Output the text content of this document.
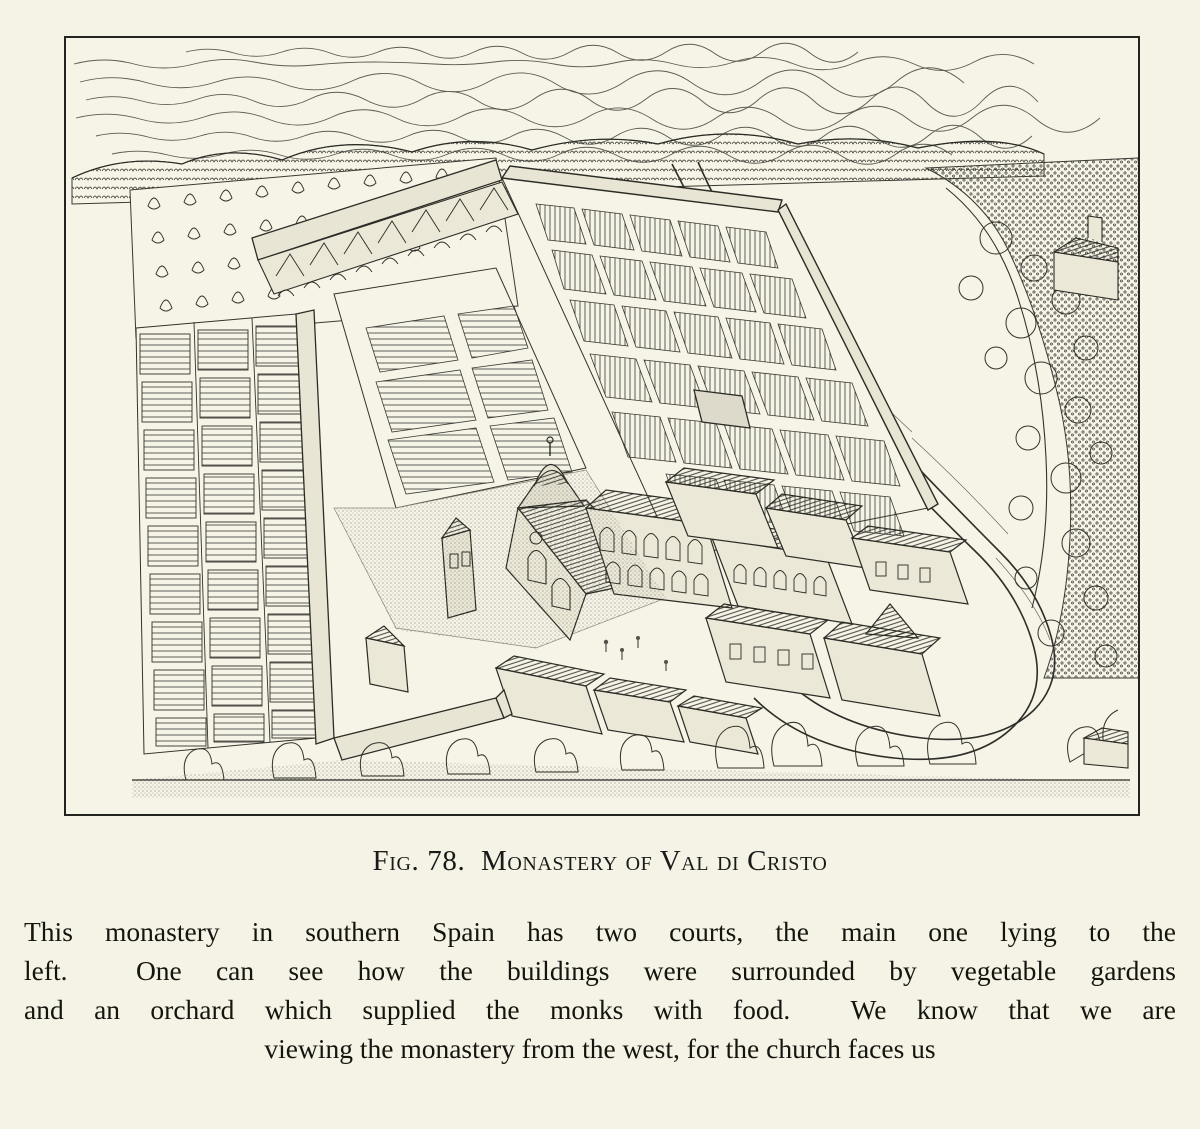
Fig. 78.  Monastery of Val di Cristo
This monastery in southern Spain has two courts, the main one lying to the
left.  One can see how the buildings were surrounded by vegetable gardens
and an orchard which supplied the monks with food.  We know that we are
viewing the monastery from the west, for the church faces us
